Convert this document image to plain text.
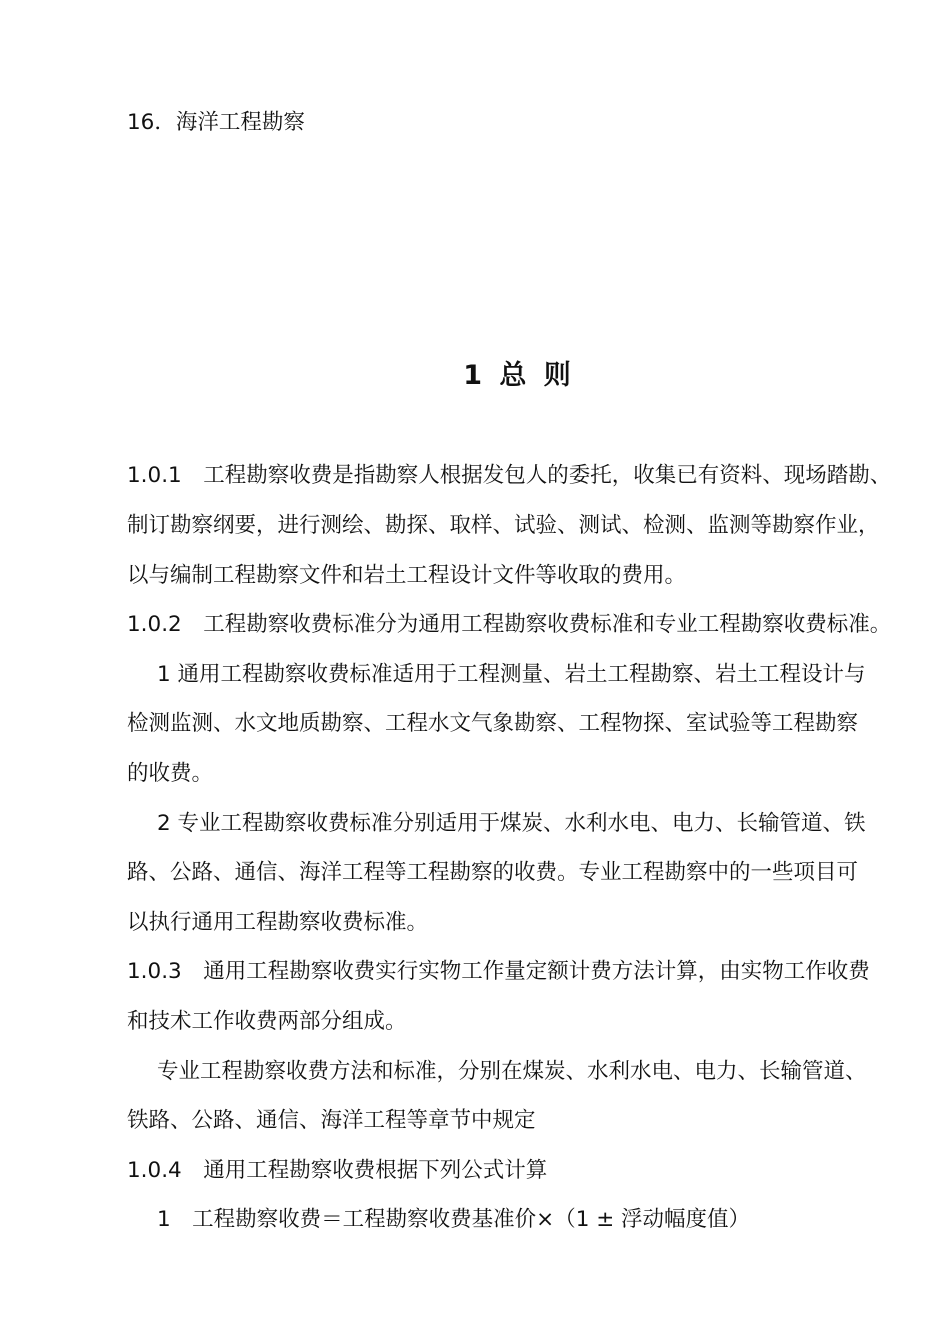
16．海洋工程勘察
1 总 则
1.0.1　工程勘察收费是指勘察人根据发包人的委托，收集已有资料、现场踏勘、
制订勘察纲要，进行测绘、勘探、取样、试验、测试、检测、监测等勘察作业，
以与编制工程勘察文件和岩土工程设计文件等收取的费用。
1.0.2　工程勘察收费标准分为通用工程勘察收费标准和专业工程勘察收费标准。
1 通用工程勘察收费标准适用于工程测量、岩土工程勘察、岩土工程设计与
检测监测、水文地质勘察、工程水文气象勘察、工程物探、室试验等工程勘察
的收费。
2 专业工程勘察收费标准分别适用于煤炭、水利水电、电力、长输管道、铁
路、公路、通信、海洋工程等工程勘察的收费。专业工程勘察中的一些项目可
以执行通用工程勘察收费标准。
1.0.3　通用工程勘察收费实行实物工作量定额计费方法计算，由实物工作收费
和技术工作收费两部分组成。
专业工程勘察收费方法和标准，分别在煤炭、水利水电、电力、长输管道、
铁路、公路、通信、海洋工程等章节中规定
1.0.4　通用工程勘察收费根据下列公式计算
1　工程勘察收费＝工程勘察收费基准价×（1 ± 浮动幅度值）
